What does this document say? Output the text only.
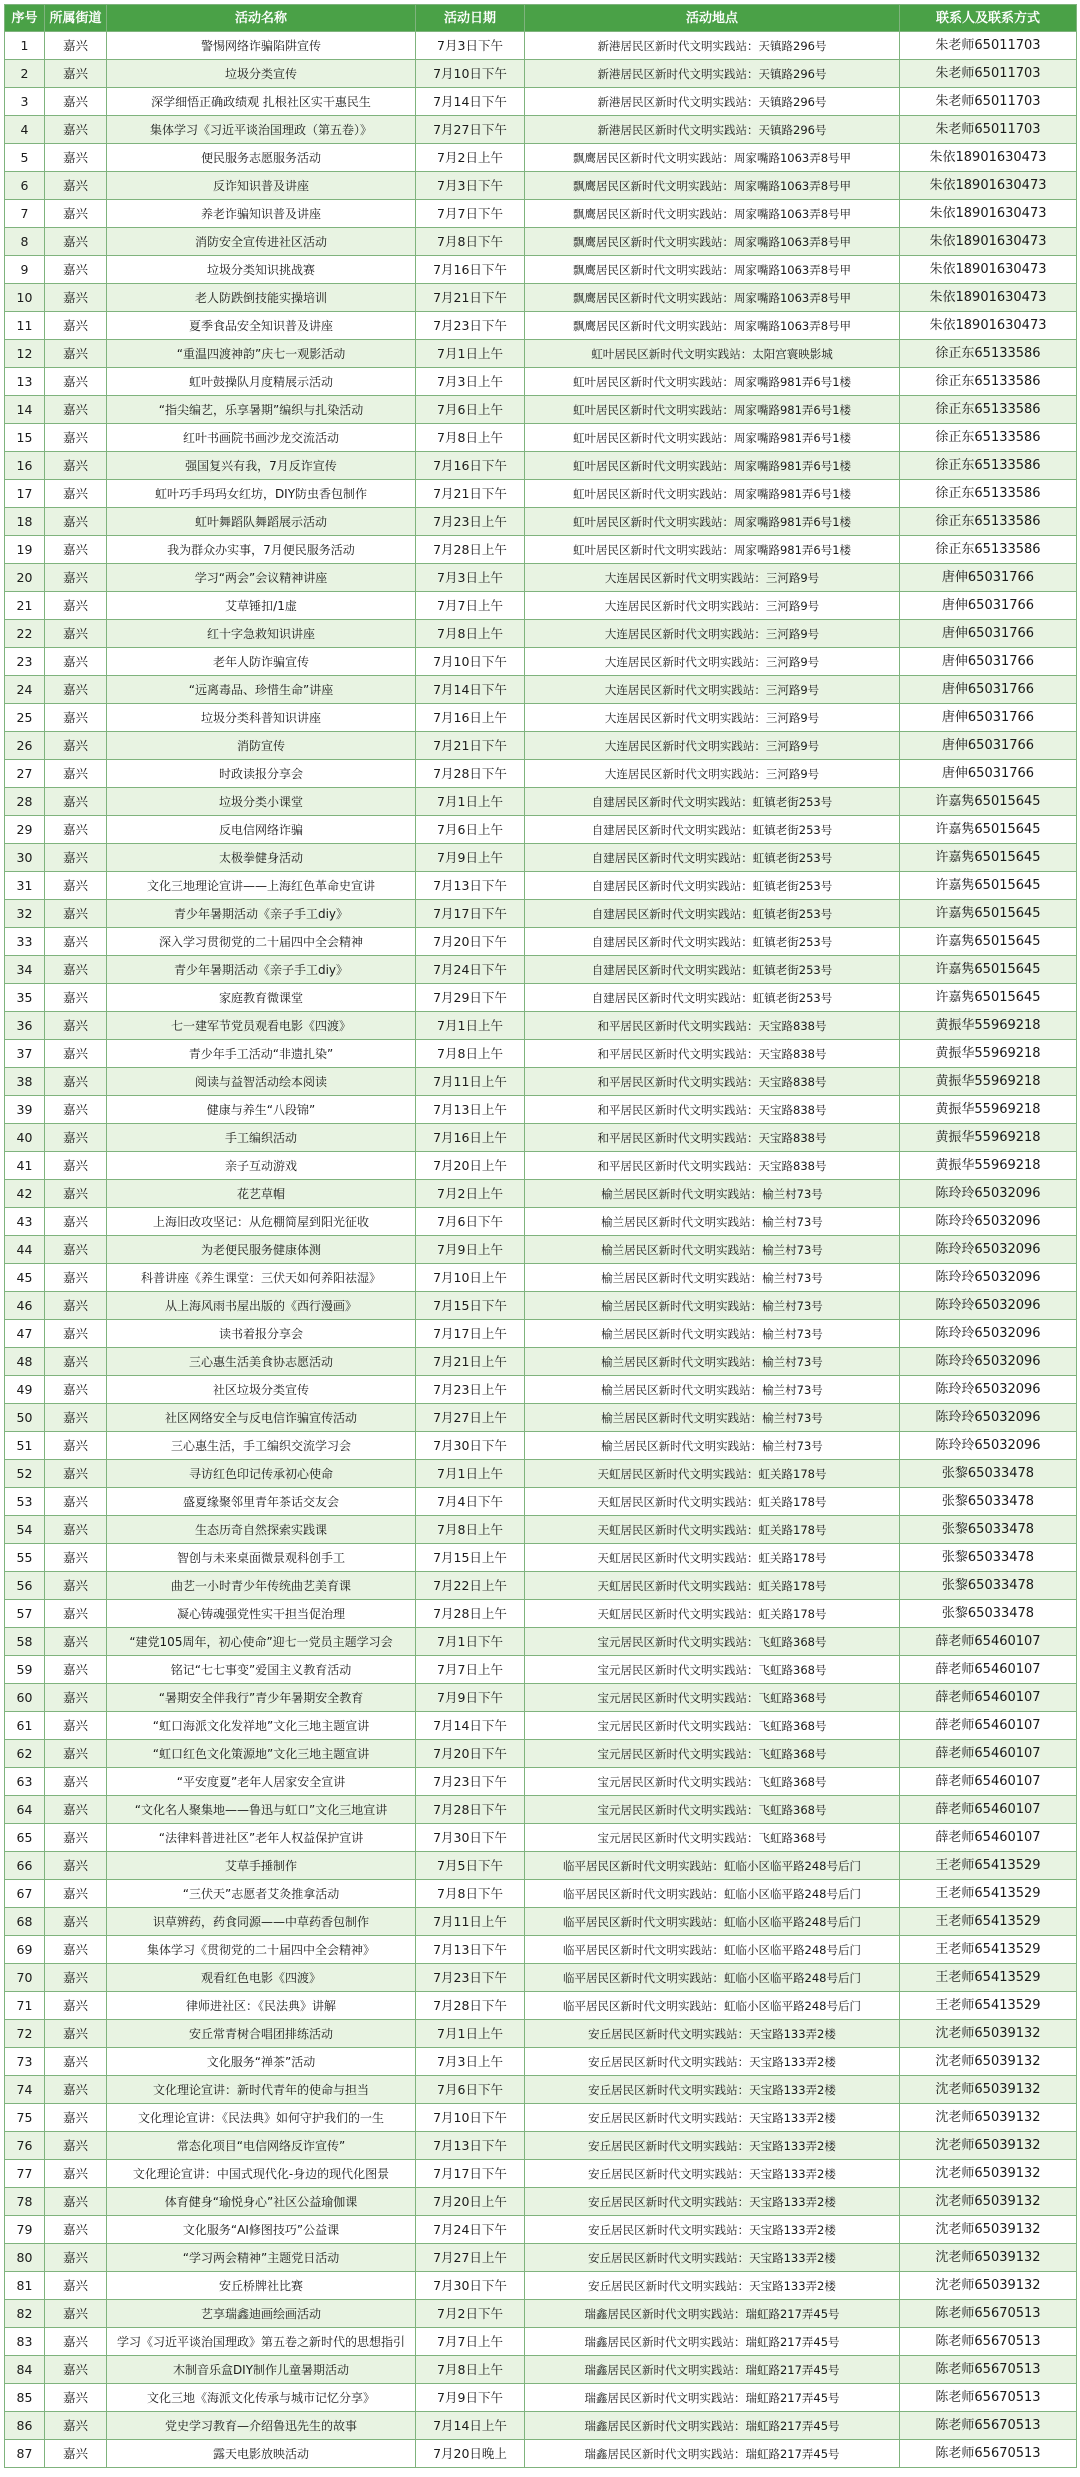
序号	所属街道	活动名称	活动日期	活动地点	联系人及联系方式
1	嘉兴	警惕网络诈骗陷阱宣传	7月3日下午	新港居民区新时代文明实践站：天镇路296号	朱老师65011703
2	嘉兴	垃圾分类宣传	7月10日下午	新港居民区新时代文明实践站：天镇路296号	朱老师65011703
3	嘉兴	深学细悟正确政绩观 扎根社区实干惠民生	7月14日下午	新港居民区新时代文明实践站：天镇路296号	朱老师65011703
4	嘉兴	集体学习《习近平谈治国理政（第五卷）》	7月27日下午	新港居民区新时代文明实践站：天镇路296号	朱老师65011703
5	嘉兴	便民服务志愿服务活动	7月2日上午	飘鹰居民区新时代文明实践站：周家嘴路1063弄8号甲	朱依18901630473
6	嘉兴	反诈知识普及讲座	7月3日下午	飘鹰居民区新时代文明实践站：周家嘴路1063弄8号甲	朱依18901630473
7	嘉兴	养老诈骗知识普及讲座	7月7日下午	飘鹰居民区新时代文明实践站：周家嘴路1063弄8号甲	朱依18901630473
8	嘉兴	消防安全宣传进社区活动	7月8日下午	飘鹰居民区新时代文明实践站：周家嘴路1063弄8号甲	朱依18901630473
9	嘉兴	垃圾分类知识挑战赛	7月16日下午	飘鹰居民区新时代文明实践站：周家嘴路1063弄8号甲	朱依18901630473
10	嘉兴	老人防跌倒技能实操培训	7月21日下午	飘鹰居民区新时代文明实践站：周家嘴路1063弄8号甲	朱依18901630473
11	嘉兴	夏季食品安全知识普及讲座	7月23日下午	飘鹰居民区新时代文明实践站：周家嘴路1063弄8号甲	朱依18901630473
12	嘉兴	“重温四渡神韵”庆七一观影活动	7月1日上午	虹叶居民区新时代文明实践站：太阳宫寰映影城	徐正东65133586
13	嘉兴	虹叶鼓操队月度精展示活动	7月3日上午	虹叶居民区新时代文明实践站：周家嘴路981弄6号1楼	徐正东65133586
14	嘉兴	“指尖编艺，乐享暑期”编织与扎染活动	7月6日上午	虹叶居民区新时代文明实践站：周家嘴路981弄6号1楼	徐正东65133586
15	嘉兴	红叶书画院书画沙龙交流活动	7月8日上午	虹叶居民区新时代文明实践站：周家嘴路981弄6号1楼	徐正东65133586
16	嘉兴	强国复兴有我，7月反诈宣传	7月16日下午	虹叶居民区新时代文明实践站：周家嘴路981弄6号1楼	徐正东65133586
17	嘉兴	虹叶巧手玛玛女红坊，DIY防虫香包制作	7月21日下午	虹叶居民区新时代文明实践站：周家嘴路981弄6号1楼	徐正东65133586
18	嘉兴	虹叶舞蹈队舞蹈展示活动	7月23日上午	虹叶居民区新时代文明实践站：周家嘴路981弄6号1楼	徐正东65133586
19	嘉兴	我为群众办实事，7月便民服务活动	7月28日上午	虹叶居民区新时代文明实践站：周家嘴路981弄6号1楼	徐正东65133586
20	嘉兴	学习“两会”会议精神讲座	7月3日上午	大连居民区新时代文明实践站：三河路9号	唐伸65031766
21	嘉兴	艾草锤扣/1虚	7月7日上午	大连居民区新时代文明实践站：三河路9号	唐伸65031766
22	嘉兴	红十字急救知识讲座	7月8日上午	大连居民区新时代文明实践站：三河路9号	唐伸65031766
23	嘉兴	老年人防诈骗宣传	7月10日下午	大连居民区新时代文明实践站：三河路9号	唐伸65031766
24	嘉兴	“远离毒品、珍惜生命”讲座	7月14日下午	大连居民区新时代文明实践站：三河路9号	唐伸65031766
25	嘉兴	垃圾分类科普知识讲座	7月16日上午	大连居民区新时代文明实践站：三河路9号	唐伸65031766
26	嘉兴	消防宣传	7月21日下午	大连居民区新时代文明实践站：三河路9号	唐伸65031766
27	嘉兴	时政读报分享会	7月28日下午	大连居民区新时代文明实践站：三河路9号	唐伸65031766
28	嘉兴	垃圾分类小课堂	7月1日上午	自建居民区新时代文明实践站：虹镇老街253号	许嘉隽65015645
29	嘉兴	反电信网络诈骗	7月6日上午	自建居民区新时代文明实践站：虹镇老街253号	许嘉隽65015645
30	嘉兴	太极拳健身活动	7月9日上午	自建居民区新时代文明实践站：虹镇老街253号	许嘉隽65015645
31	嘉兴	文化三地理论宣讲——上海红色革命史宣讲	7月13日下午	自建居民区新时代文明实践站：虹镇老街253号	许嘉隽65015645
32	嘉兴	青少年暑期活动《亲子手工diy》	7月17日下午	自建居民区新时代文明实践站：虹镇老街253号	许嘉隽65015645
33	嘉兴	深入学习贯彻党的二十届四中全会精神	7月20日下午	自建居民区新时代文明实践站：虹镇老街253号	许嘉隽65015645
34	嘉兴	青少年暑期活动《亲子手工diy》	7月24日下午	自建居民区新时代文明实践站：虹镇老街253号	许嘉隽65015645
35	嘉兴	家庭教育微课堂	7月29日下午	自建居民区新时代文明实践站：虹镇老街253号	许嘉隽65015645
36	嘉兴	七一建军节党员观看电影《四渡》	7月1日上午	和平居民区新时代文明实践站：天宝路838号	黄振华55969218
37	嘉兴	青少年手工活动“非遗扎染”	7月8日上午	和平居民区新时代文明实践站：天宝路838号	黄振华55969218
38	嘉兴	阅读与益智活动绘本阅读	7月11日上午	和平居民区新时代文明实践站：天宝路838号	黄振华55969218
39	嘉兴	健康与养生“八段锦”	7月13日上午	和平居民区新时代文明实践站：天宝路838号	黄振华55969218
40	嘉兴	手工编织活动	7月16日上午	和平居民区新时代文明实践站：天宝路838号	黄振华55969218
41	嘉兴	亲子互动游戏	7月20日上午	和平居民区新时代文明实践站：天宝路838号	黄振华55969218
42	嘉兴	花艺草帽	7月2日上午	榆兰居民区新时代文明实践站：榆兰村73号	陈玲玲65032096
43	嘉兴	上海旧改攻坚记：从危棚简屋到阳光征收	7月6日下午	榆兰居民区新时代文明实践站：榆兰村73号	陈玲玲65032096
44	嘉兴	为老便民服务健康体测	7月9日上午	榆兰居民区新时代文明实践站：榆兰村73号	陈玲玲65032096
45	嘉兴	科普讲座《养生课堂：三伏天如何养阳祛湿》	7月10日上午	榆兰居民区新时代文明实践站：榆兰村73号	陈玲玲65032096
46	嘉兴	从上海风雨书屋出版的《西行漫画》	7月15日下午	榆兰居民区新时代文明实践站：榆兰村73号	陈玲玲65032096
47	嘉兴	读书着报分享会	7月17日上午	榆兰居民区新时代文明实践站：榆兰村73号	陈玲玲65032096
48	嘉兴	三心惠生活美食协志愿活动	7月21日上午	榆兰居民区新时代文明实践站：榆兰村73号	陈玲玲65032096
49	嘉兴	社区垃圾分类宣传	7月23日上午	榆兰居民区新时代文明实践站：榆兰村73号	陈玲玲65032096
50	嘉兴	社区网络安全与反电信诈骗宣传活动	7月27日上午	榆兰居民区新时代文明实践站：榆兰村73号	陈玲玲65032096
51	嘉兴	三心惠生活，手工编织交流学习会	7月30日下午	榆兰居民区新时代文明实践站：榆兰村73号	陈玲玲65032096
52	嘉兴	寻访红色印记传承初心使命	7月1日上午	天虹居民区新时代文明实践站：虹关路178号	张黎65033478
53	嘉兴	盛夏缘聚邻里青年茶话交友会	7月4日下午	天虹居民区新时代文明实践站：虹关路178号	张黎65033478
54	嘉兴	生态历奇自然探索实践课	7月8日上午	天虹居民区新时代文明实践站：虹关路178号	张黎65033478
55	嘉兴	智创与未来桌面微景观科创手工	7月15日上午	天虹居民区新时代文明实践站：虹关路178号	张黎65033478
56	嘉兴	曲艺一小时青少年传统曲艺美育课	7月22日上午	天虹居民区新时代文明实践站：虹关路178号	张黎65033478
57	嘉兴	凝心铸魂强党性实干担当促治理	7月28日上午	天虹居民区新时代文明实践站：虹关路178号	张黎65033478
58	嘉兴	“建党105周年，初心使命”迎七一党员主题学习会	7月1日下午	宝元居民区新时代文明实践站：飞虹路368号	薛老师65460107
59	嘉兴	铭记“七七事变”爱国主义教育活动	7月7日上午	宝元居民区新时代文明实践站：飞虹路368号	薛老师65460107
60	嘉兴	“暑期安全伴我行”青少年暑期安全教育	7月9日下午	宝元居民区新时代文明实践站：飞虹路368号	薛老师65460107
61	嘉兴	“虹口海派文化发祥地”文化三地主题宣讲	7月14日下午	宝元居民区新时代文明实践站：飞虹路368号	薛老师65460107
62	嘉兴	“虹口红色文化策源地”文化三地主题宣讲	7月20日下午	宝元居民区新时代文明实践站：飞虹路368号	薛老师65460107
63	嘉兴	“平安度夏”老年人居家安全宣讲	7月23日下午	宝元居民区新时代文明实践站：飞虹路368号	薛老师65460107
64	嘉兴	“文化名人聚集地——鲁迅与虹口”文化三地宣讲	7月28日下午	宝元居民区新时代文明实践站：飞虹路368号	薛老师65460107
65	嘉兴	“法律料普进社区”老年人权益保护宣讲	7月30日下午	宝元居民区新时代文明实践站：飞虹路368号	薛老师65460107
66	嘉兴	艾草手捶制作	7月5日下午	临平居民区新时代文明实践站：虹临小区临平路248号后门	王老师65413529
67	嘉兴	“三伏天”志愿者艾灸推拿活动	7月8日下午	临平居民区新时代文明实践站：虹临小区临平路248号后门	王老师65413529
68	嘉兴	识草辨药，药食同源——中草药香包制作	7月11日上午	临平居民区新时代文明实践站：虹临小区临平路248号后门	王老师65413529
69	嘉兴	集体学习《贯彻党的二十届四中全会精神》	7月13日下午	临平居民区新时代文明实践站：虹临小区临平路248号后门	王老师65413529
70	嘉兴	观看红色电影《四渡》	7月23日下午	临平居民区新时代文明实践站：虹临小区临平路248号后门	王老师65413529
71	嘉兴	律师进社区：《民法典》讲解	7月28日下午	临平居民区新时代文明实践站：虹临小区临平路248号后门	王老师65413529
72	嘉兴	安丘常青树合唱团排练活动	7月1日上午	安丘居民区新时代文明实践站：天宝路133弄2楼	沈老师65039132
73	嘉兴	文化服务“禅茶”活动	7月3日上午	安丘居民区新时代文明实践站：天宝路133弄2楼	沈老师65039132
74	嘉兴	文化理论宣讲：新时代青年的使命与担当	7月6日下午	安丘居民区新时代文明实践站：天宝路133弄2楼	沈老师65039132
75	嘉兴	文化理论宣讲：《民法典》如何守护我们的一生	7月10日下午	安丘居民区新时代文明实践站：天宝路133弄2楼	沈老师65039132
76	嘉兴	常态化项目“电信网络反诈宣传”	7月13日下午	安丘居民区新时代文明实践站：天宝路133弄2楼	沈老师65039132
77	嘉兴	文化理论宣讲：中国式现代化-身边的现代化图景	7月17日下午	安丘居民区新时代文明实践站：天宝路133弄2楼	沈老师65039132
78	嘉兴	体育健身“瑜悦身心”社区公益瑜伽课	7月20日上午	安丘居民区新时代文明实践站：天宝路133弄2楼	沈老师65039132
79	嘉兴	文化服务“AI修图技巧”公益课	7月24日下午	安丘居民区新时代文明实践站：天宝路133弄2楼	沈老师65039132
80	嘉兴	“学习两会精神”主题党日活动	7月27日上午	安丘居民区新时代文明实践站：天宝路133弄2楼	沈老师65039132
81	嘉兴	安丘桥牌社比赛	7月30日下午	安丘居民区新时代文明实践站：天宝路133弄2楼	沈老师65039132
82	嘉兴	艺享瑞鑫迪画绘画活动	7月2日下午	瑞鑫居民区新时代文明实践站：瑞虹路217弄45号	陈老师65670513
83	嘉兴	学习《习近平谈治国理政》第五卷之新时代的思想指引	7月7日上午	瑞鑫居民区新时代文明实践站：瑞虹路217弄45号	陈老师65670513
84	嘉兴	木制音乐盒DIY制作儿童暑期活动	7月8日上午	瑞鑫居民区新时代文明实践站：瑞虹路217弄45号	陈老师65670513
85	嘉兴	文化三地《海派文化传承与城市记忆分享》	7月9日下午	瑞鑫居民区新时代文明实践站：瑞虹路217弄45号	陈老师65670513
86	嘉兴	党史学习教育—介绍鲁迅先生的故事	7月14日上午	瑞鑫居民区新时代文明实践站：瑞虹路217弄45号	陈老师65670513
87	嘉兴	露天电影放映活动	7月20日晚上	瑞鑫居民区新时代文明实践站：瑞虹路217弄45号	陈老师65670513
